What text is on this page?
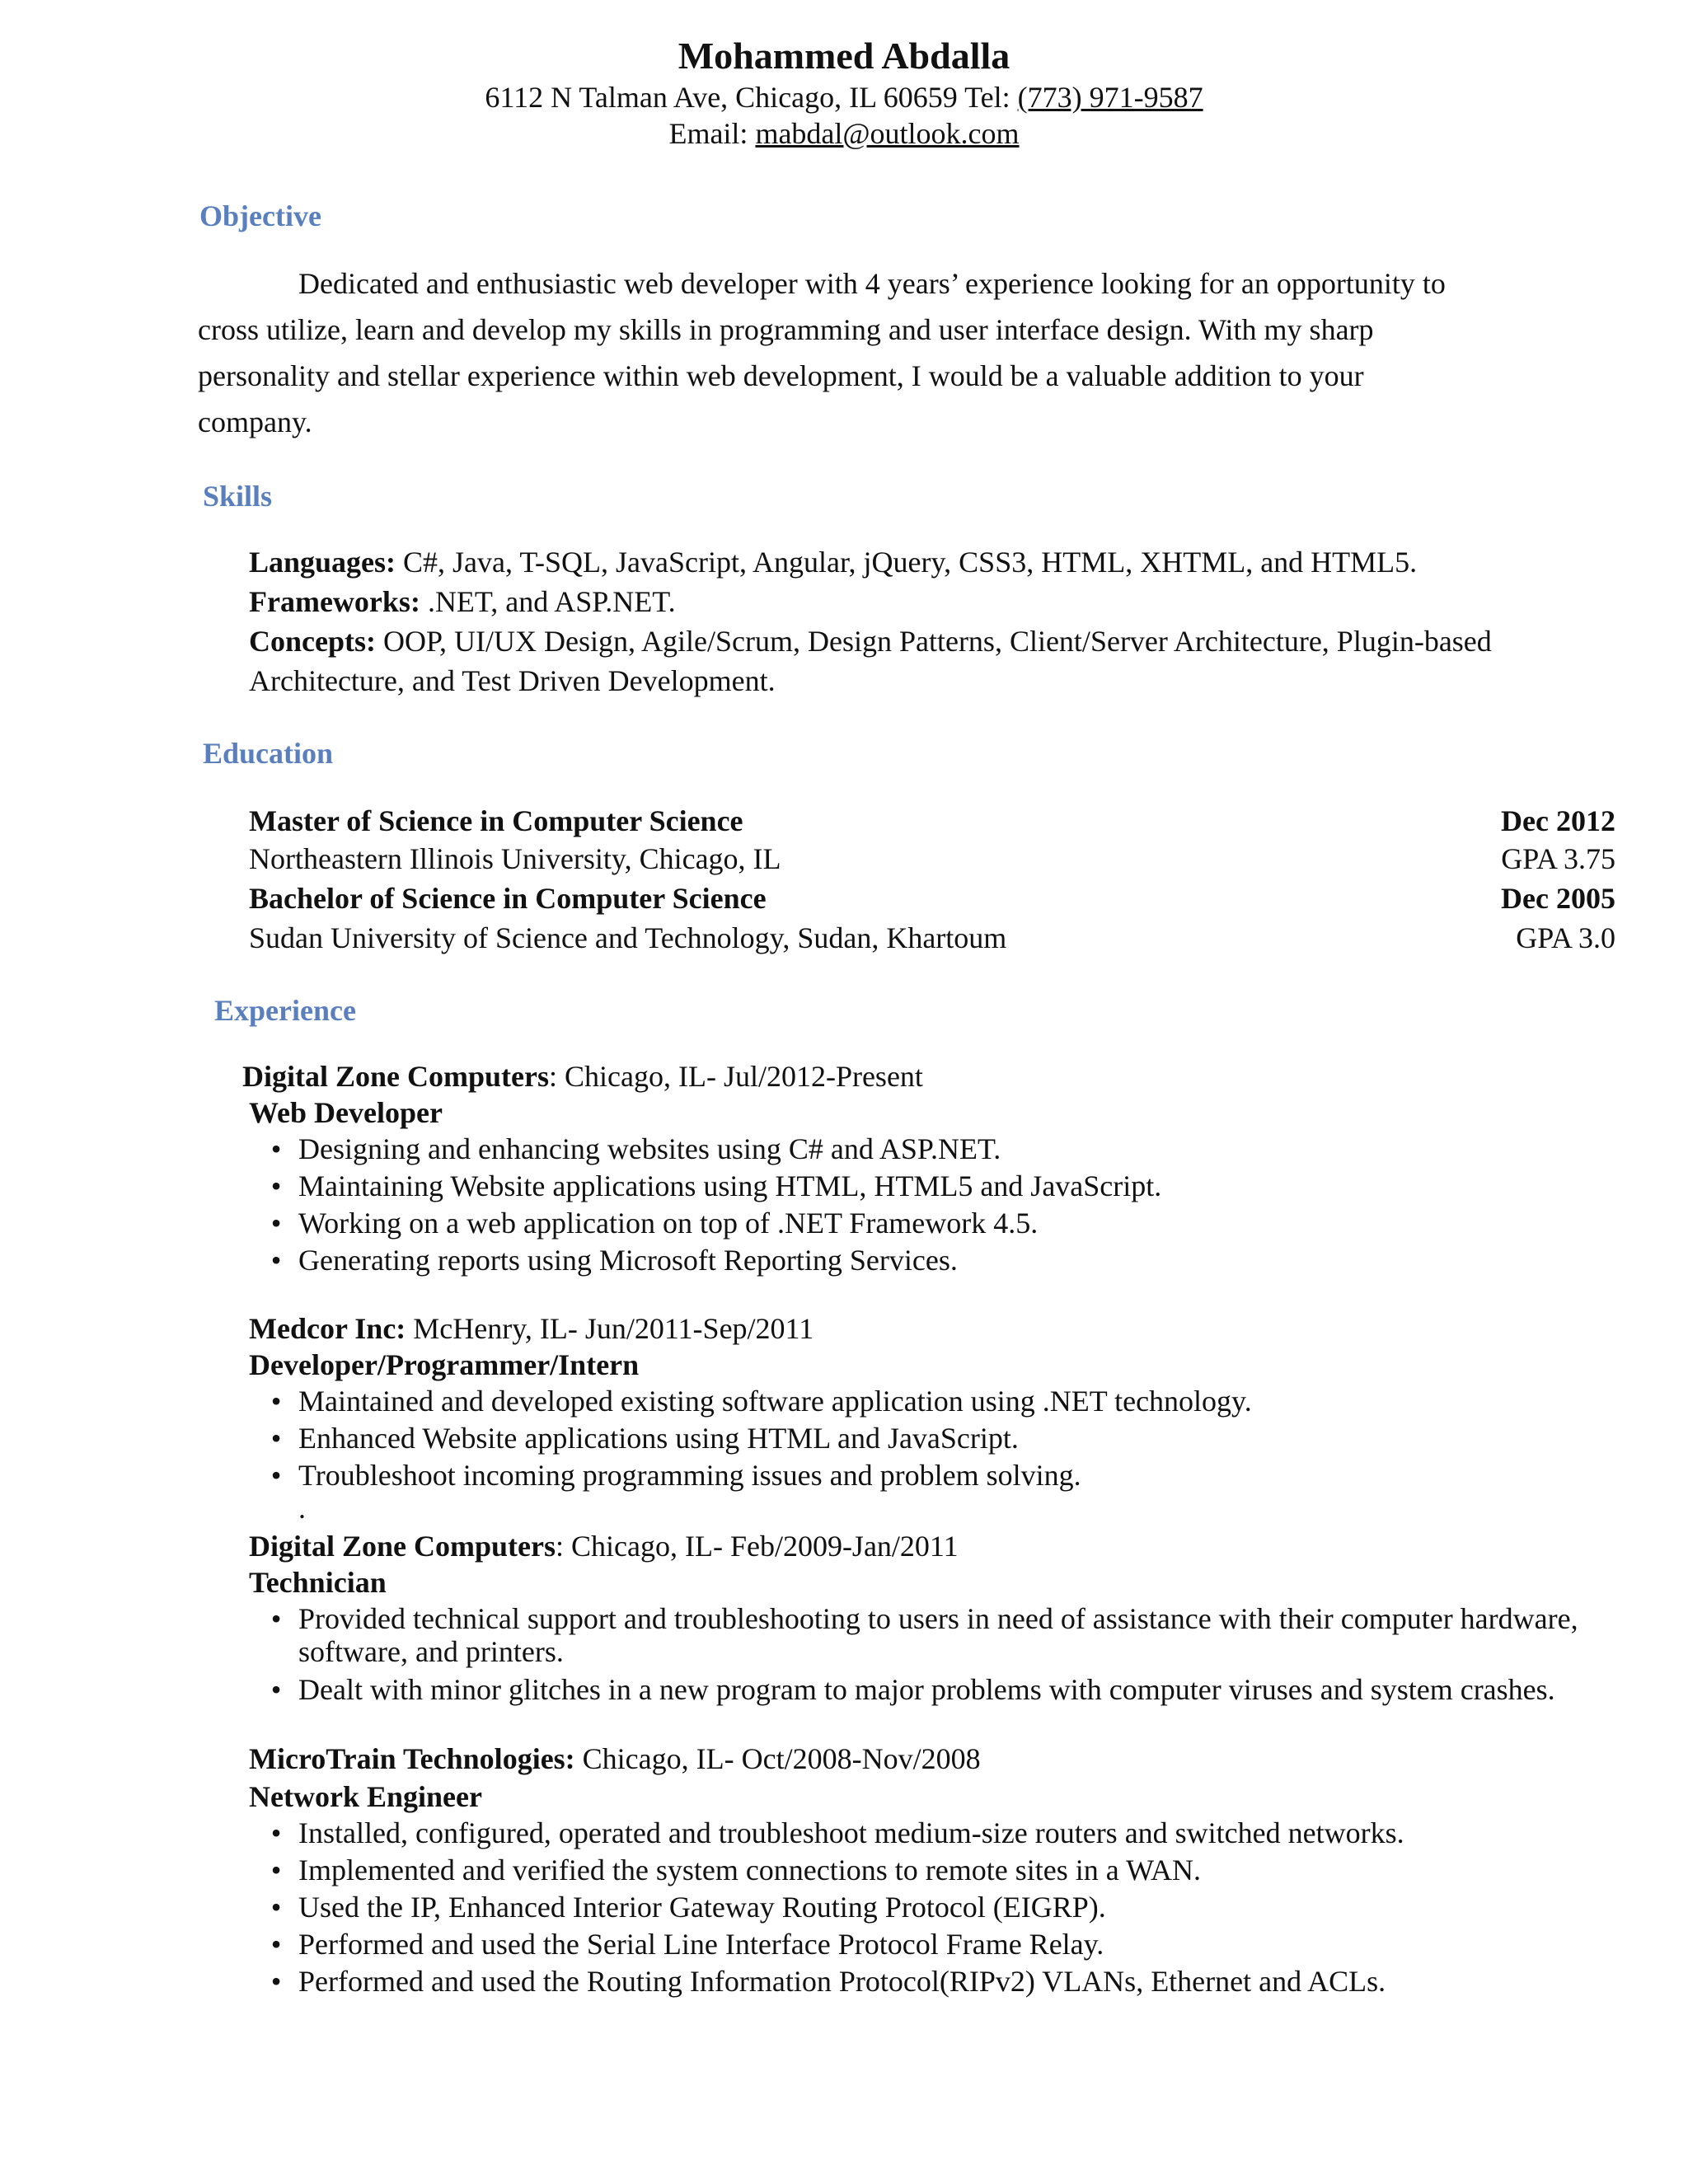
Mohammed Abdalla
6112 N Talman Ave, Chicago, IL 60659 Tel: (773) 971-9587
Email: mabdal@outlook.com
Objective
Dedicated and enthusiastic web developer with 4 years’ experience looking for an opportunity to
cross utilize, learn and develop my skills in programming and user interface design. With my sharp
personality and stellar experience within web development, I would be a valuable addition to your
company.
Skills
Languages: C#, Java, T-SQL, JavaScript, Angular, jQuery, CSS3, HTML, XHTML, and HTML5.
Frameworks: .NET, and ASP.NET.
Concepts: OOP, UI/UX Design, Agile/Scrum, Design Patterns, Client/Server Architecture, Plugin-based
Architecture, and Test Driven Development.
Education
Master of Science in Computer Science	Dec 2012
Northeastern Illinois University, Chicago, IL	GPA 3.75
Bachelor of Science in Computer Science	Dec 2005
Sudan University of Science and Technology, Sudan, Khartoum	GPA 3.0
Experience
Digital Zone Computers: Chicago, IL- Jul/2012-Present
Web Developer
• Designing and enhancing websites using C# and ASP.NET.
• Maintaining Website applications using HTML, HTML5 and JavaScript.
• Working on a web application on top of .NET Framework 4.5.
• Generating reports using Microsoft Reporting Services.
Medcor Inc: McHenry, IL- Jun/2011-Sep/2011
Developer/Programmer/Intern
• Maintained and developed existing software application using .NET technology.
• Enhanced Website applications using HTML and JavaScript.
• Troubleshoot incoming programming issues and problem solving.
.
Digital Zone Computers: Chicago, IL- Feb/2009-Jan/2011
Technician
• Provided technical support and troubleshooting to users in need of assistance with their computer hardware,
software, and printers.
• Dealt with minor glitches in a new program to major problems with computer viruses and system crashes.
MicroTrain Technologies: Chicago, IL- Oct/2008-Nov/2008
Network Engineer
• Installed, configured, operated and troubleshoot medium-size routers and switched networks.
• Implemented and verified the system connections to remote sites in a WAN.
• Used the IP, Enhanced Interior Gateway Routing Protocol (EIGRP).
• Performed and used the Serial Line Interface Protocol Frame Relay.
• Performed and used the Routing Information Protocol(RIPv2) VLANs, Ethernet and ACLs.
